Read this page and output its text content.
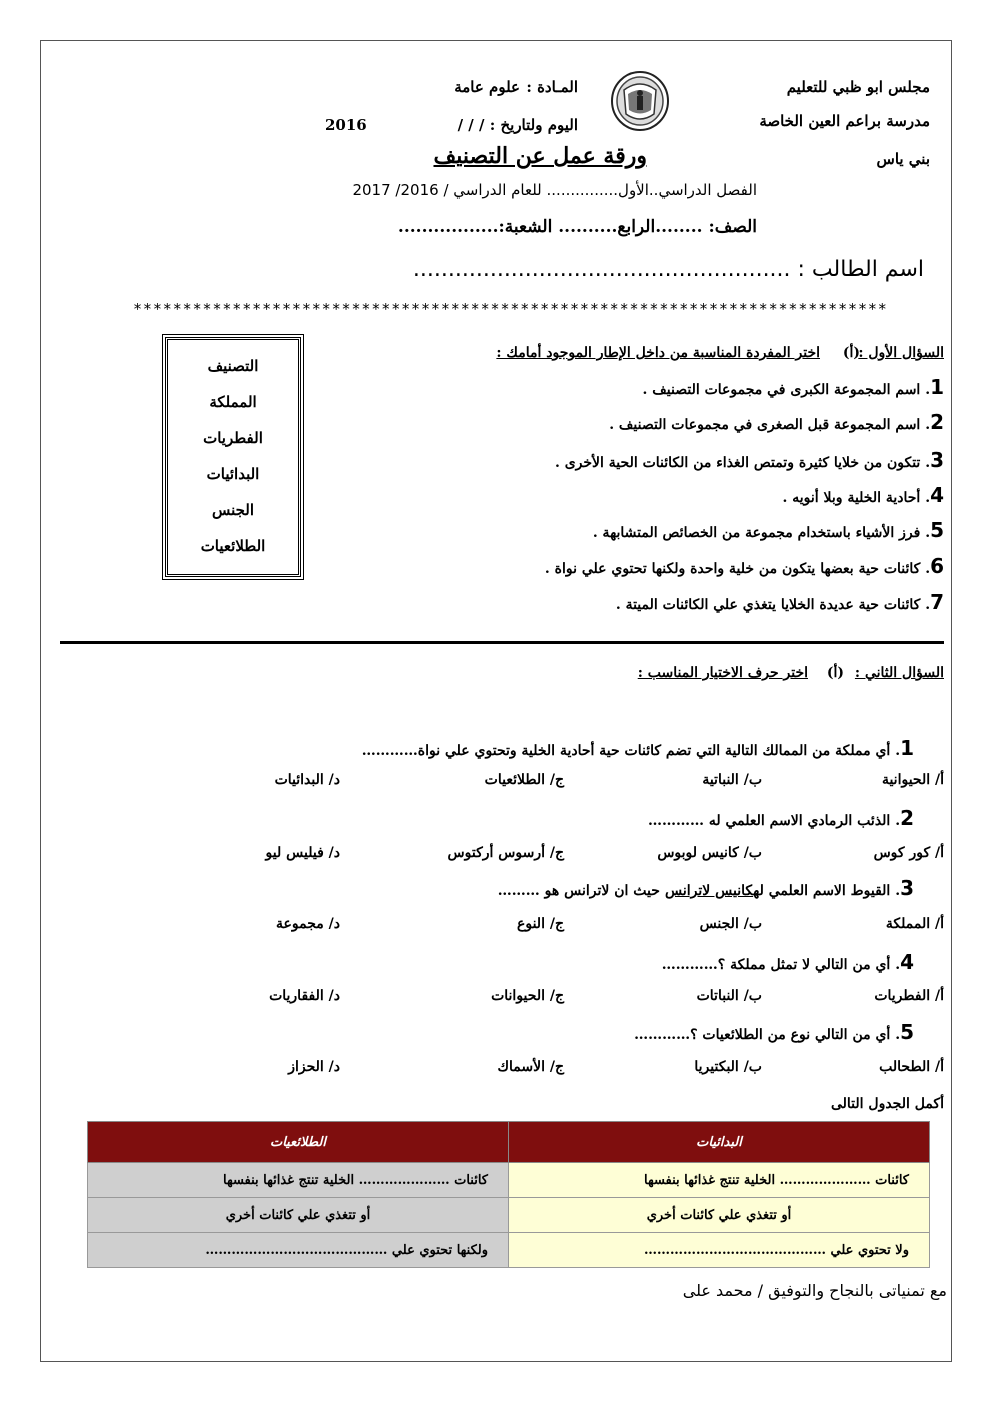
مجلس ابو ظبي للتعليم
مدرسة براعم العين الخاصة
بني ياس
المـادة :
علوم عامة
اليوم ولتاريخ : / / /
2016
ورقة عمل عن التصنيف
الفصل الدراسي..الأول............... للعام الدراسي / 2016/ 2017
الصف: ........الرابع.......... الشعبة:.................
اسم الطالب : ......................................................
****************************************************************************
السؤال الأول :
(أ)
اختر المفردة المناسبة من داخل الإطار الموجود أمامك :
التصنيف
المملكة
الفطريات
البدائيات
الجنس
الطلائعيات
1. اسم المجموعة الكبرى في مجموعات التصنيف .
2. اسم المجموعة قبل الصغرى في مجموعات التصنيف .
3. تتكون من خلايا كثيرة وتمتص الغذاء من الكائنات الحية الأخرى .
4. أحادية الخلية وبلا أنويه .
5. فرز الأشياء باستخدام مجموعة من الخصائص المتشابهة .
6. كائنات حية بعضها يتكون من خلية واحدة ولكنها تحتوي علي نواة .
7. كائنات حية عديدة الخلايا يتغذي علي الكائنات الميتة .
السؤال الثاني :
(أ)
اختر حرف الاختيار المناسب :
1. أي مملكة من الممالك التالية التي تضم كائنات حية أحادية الخلية وتحتوي علي نواة…………
أ/ الحيوانية
ب/ النباتية
ج/ الطلائعيات
د/ البدائيات
2. الذئب الرمادي الاسم العلمي له …………
أ/ كور كوس
ب/ كانيس لوبوس
ج/ أرسوس أركتوس
د/ فيليس ليو
3. القيوط الاسم العلمي لهكانيس لاترانس حيث ان لاترانس هو ………
أ/ المملكة
ب/ الجنس
ج/ النوع
د/ مجموعة
4. أي من التالي لا تمثل مملكة ؟…………
أ/ الفطريات
ب/ النباتات
ج/ الحيوانات
د/ الفقاريات
5. أي من التالي نوع من الطلائعيات ؟…………
أ/ الطحالب
ب/ البكتيريا
ج/ الأسماك
د/ الحزاز
أكمل الجدول التالى
البدائيات	الطلائعيات
كائنات ………………… الخلية تنتج غذائها بنفسها	كائنات ………………… الخلية تنتج غذائها بنفسها
أو تتغذي علي كائنات أخري	أو تتغذي علي كائنات أخري
ولا تحتوي علي ……………………………………	ولكنها تحتوي علي ……………………………………
مع تمنياتى بالنجاح والتوفيق / محمد على
